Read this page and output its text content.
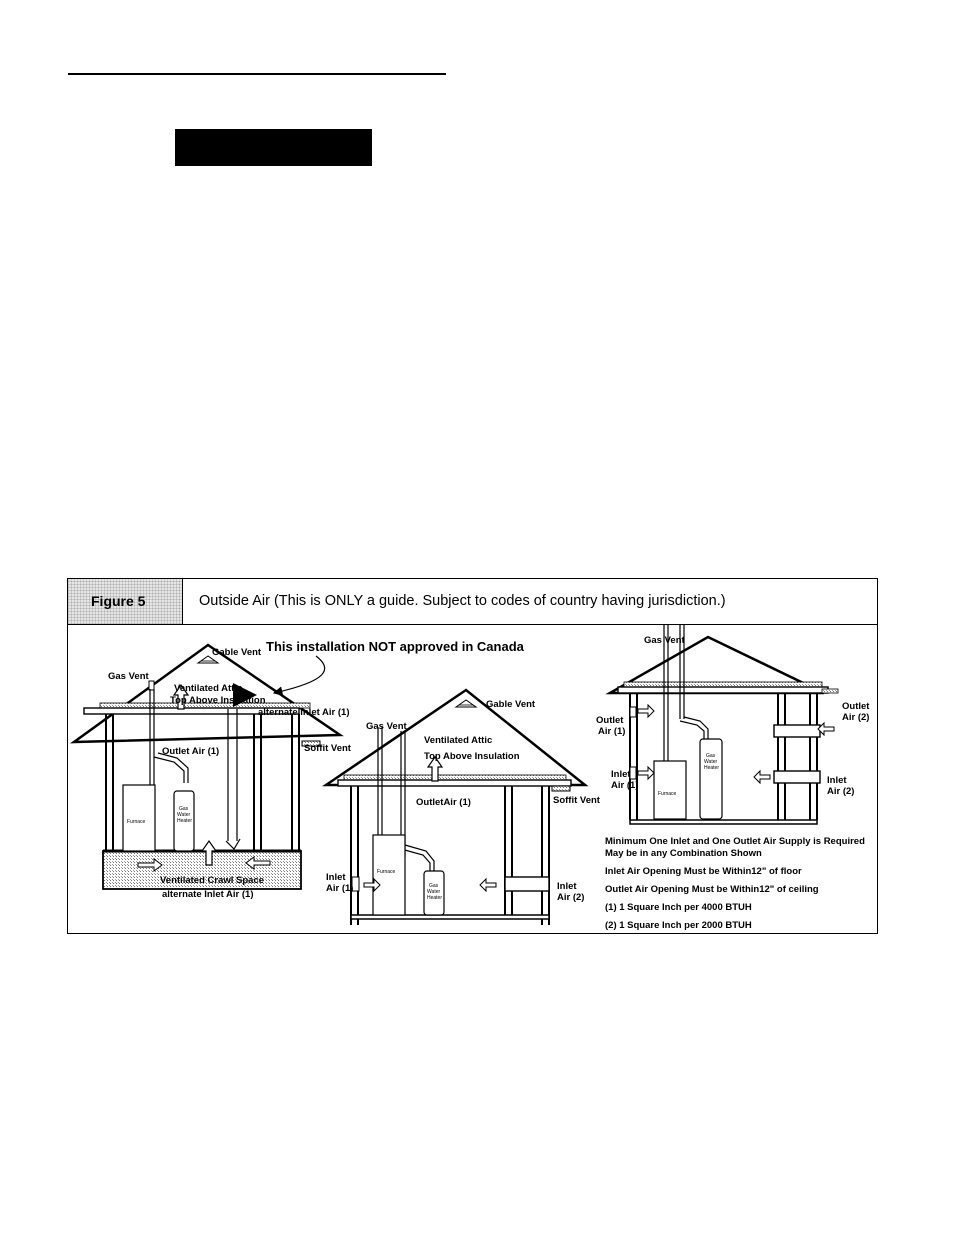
Figure 5	Outside Air (This is ONLY a guide. Subject to codes of country having jurisdiction.)
This installation NOT approved in Canada
Furnace
Gas
Water
Heater
Gable Vent
Gas Vent
Ventilated Attic
Top Above Insulation
alternate Inlet Air (1)
Soffit Vent
Outlet Air (1)
Ventilated Crawl Space
alternate Inlet Air (1)
Furnace
Gas
Water
Heater
Gable Vent
Gas Vent
Ventilated Attic
Top Above Insulation
Soffit Vent
OutletAir (1)
Inlet
Air (1)	Inlet
Air (2)
Furnace
Gas
Water
Heater
Gas Vent
Outlet
Air (1)
Outlet
Air (2)
Inlet
Air (1)	Inlet
Air (2)
Minimum One Inlet and One Outlet Air Supply is Required
May be in any Combination Shown
Inlet Air Opening Must be Within12" of floor
Outlet Air Opening Must be Within12" of ceiling
(1) 1 Square Inch per 4000 BTUH
(2) 1 Square Inch per 2000 BTUH
